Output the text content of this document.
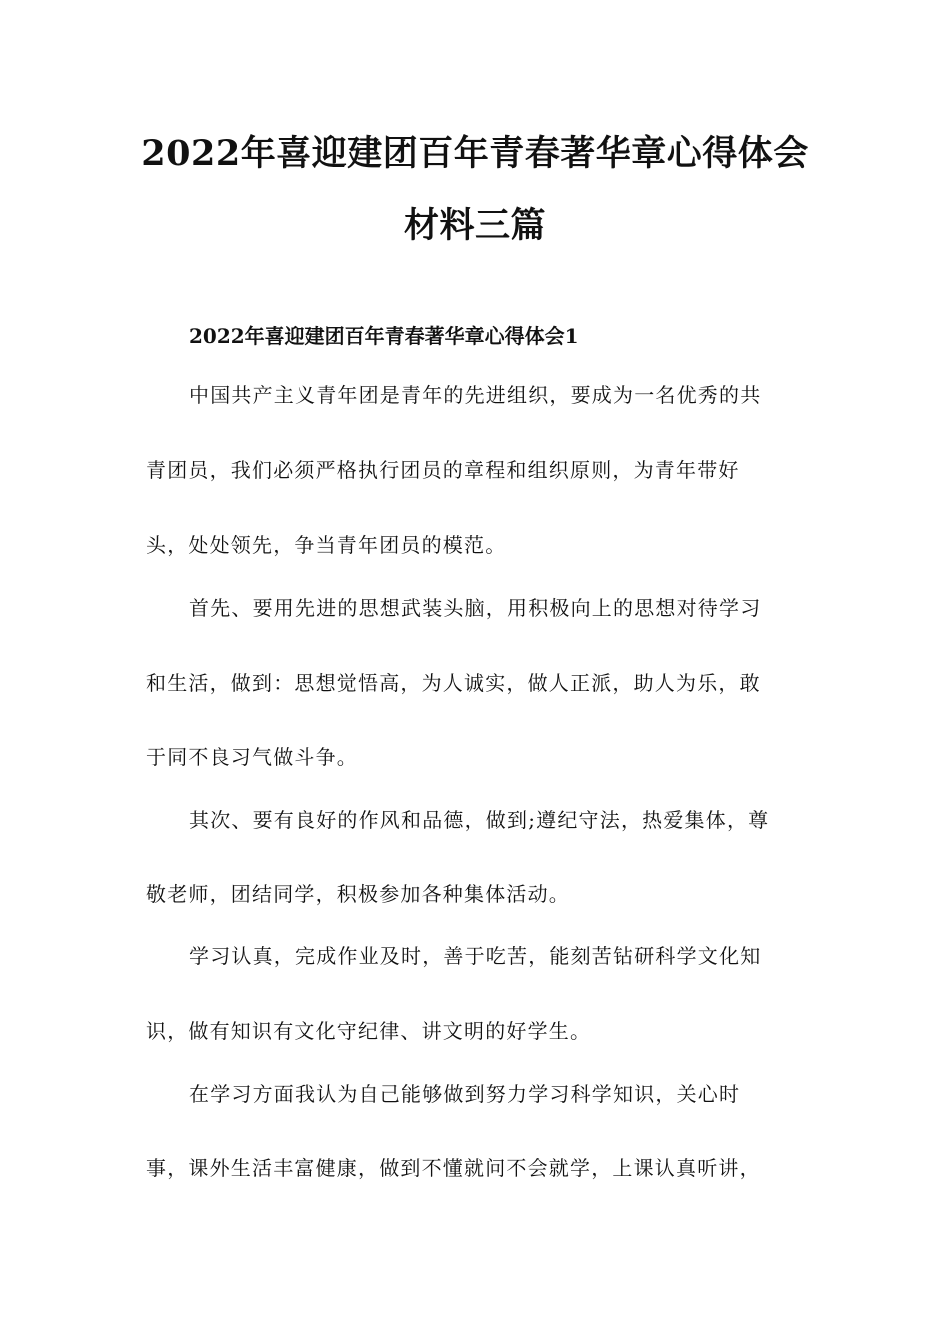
2022年喜迎建团百年青春著华章心得体会
材料三篇
2022年喜迎建团百年青春著华章心得体会1
中国共产主义青年团是青年的先进组织，要成为一名优秀的共
青团员，我们必须严格执行团员的章程和组织原则，为青年带好
头，处处领先，争当青年团员的模范。
首先、要用先进的思想武装头脑，用积极向上的思想对待学习
和生活，做到：思想觉悟高，为人诚实，做人正派，助人为乐，敢
于同不良习气做斗争。
其次、要有良好的作风和品德，做到;遵纪守法，热爱集体，尊
敬老师，团结同学，积极参加各种集体活动。
学习认真，完成作业及时，善于吃苦，能刻苦钻研科学文化知
识，做有知识有文化守纪律、讲文明的好学生。
在学习方面我认为自己能够做到努力学习科学知识，关心时
事，课外生活丰富健康，做到不懂就问不会就学，上课认真听讲，
